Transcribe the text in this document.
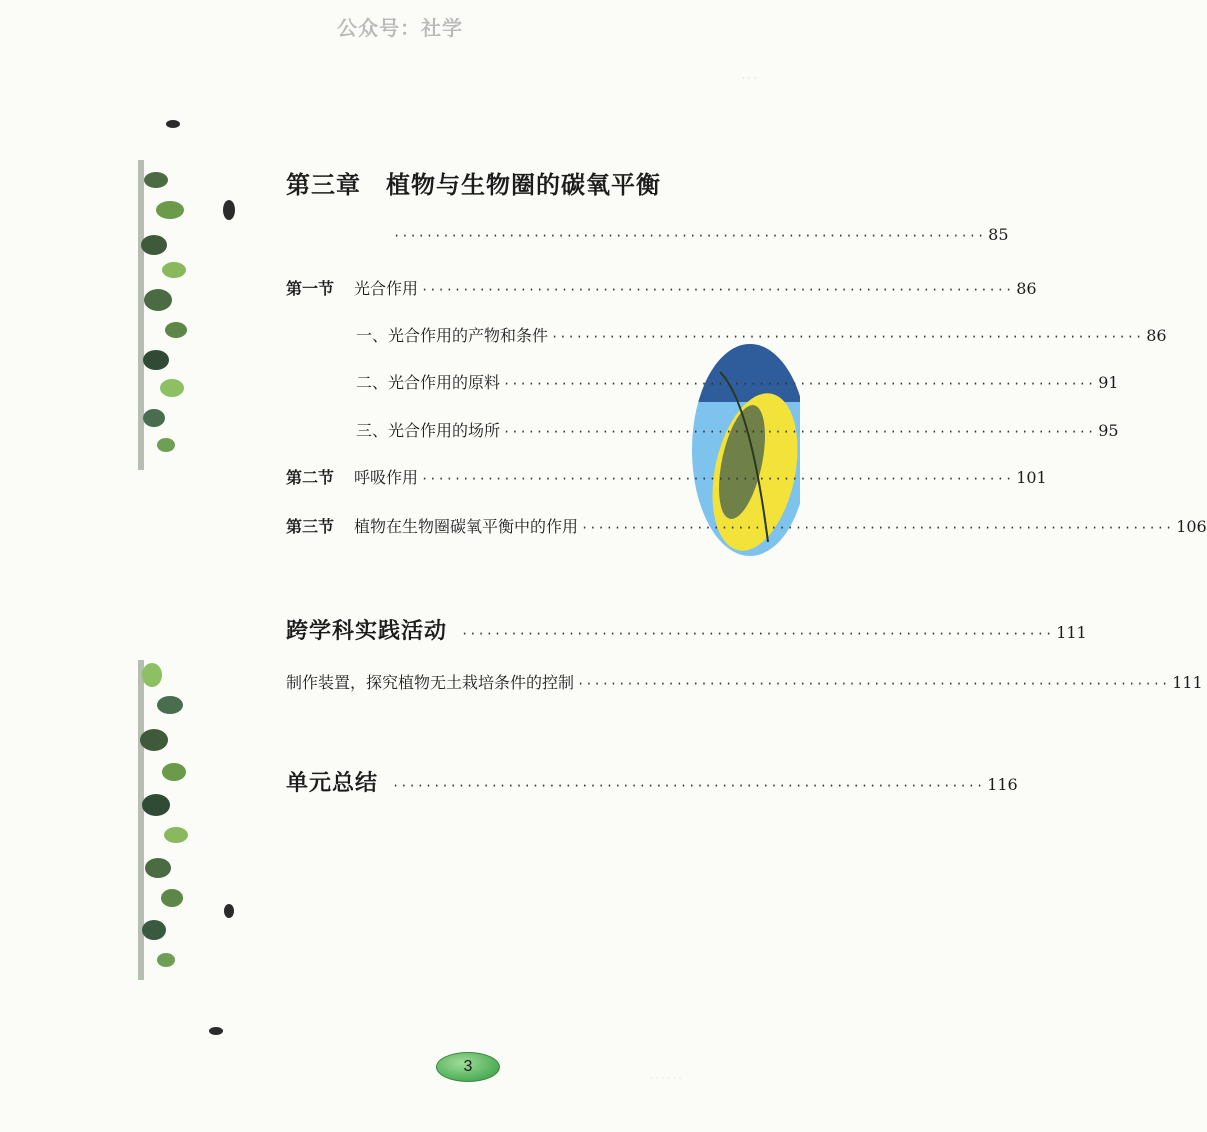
公众号：社学
· · ·
· · · · · ·
第三章　植物与生物圈的碳氧平衡
········································································ 85
第一节 光合作用 ········································································ 86
一、光合作用的产物和条件 ········································································ 86
二、光合作用的原料 ········································································ 91
三、光合作用的场所 ········································································ 95
第二节 呼吸作用 ········································································ 101
第三节 植物在生物圈碳氧平衡中的作用 ········································································ 106
跨学科实践活动 ········································································ 111
制作装置，探究植物无土栽培条件的控制 ········································································ 111
单元总结 ········································································ 116
3
